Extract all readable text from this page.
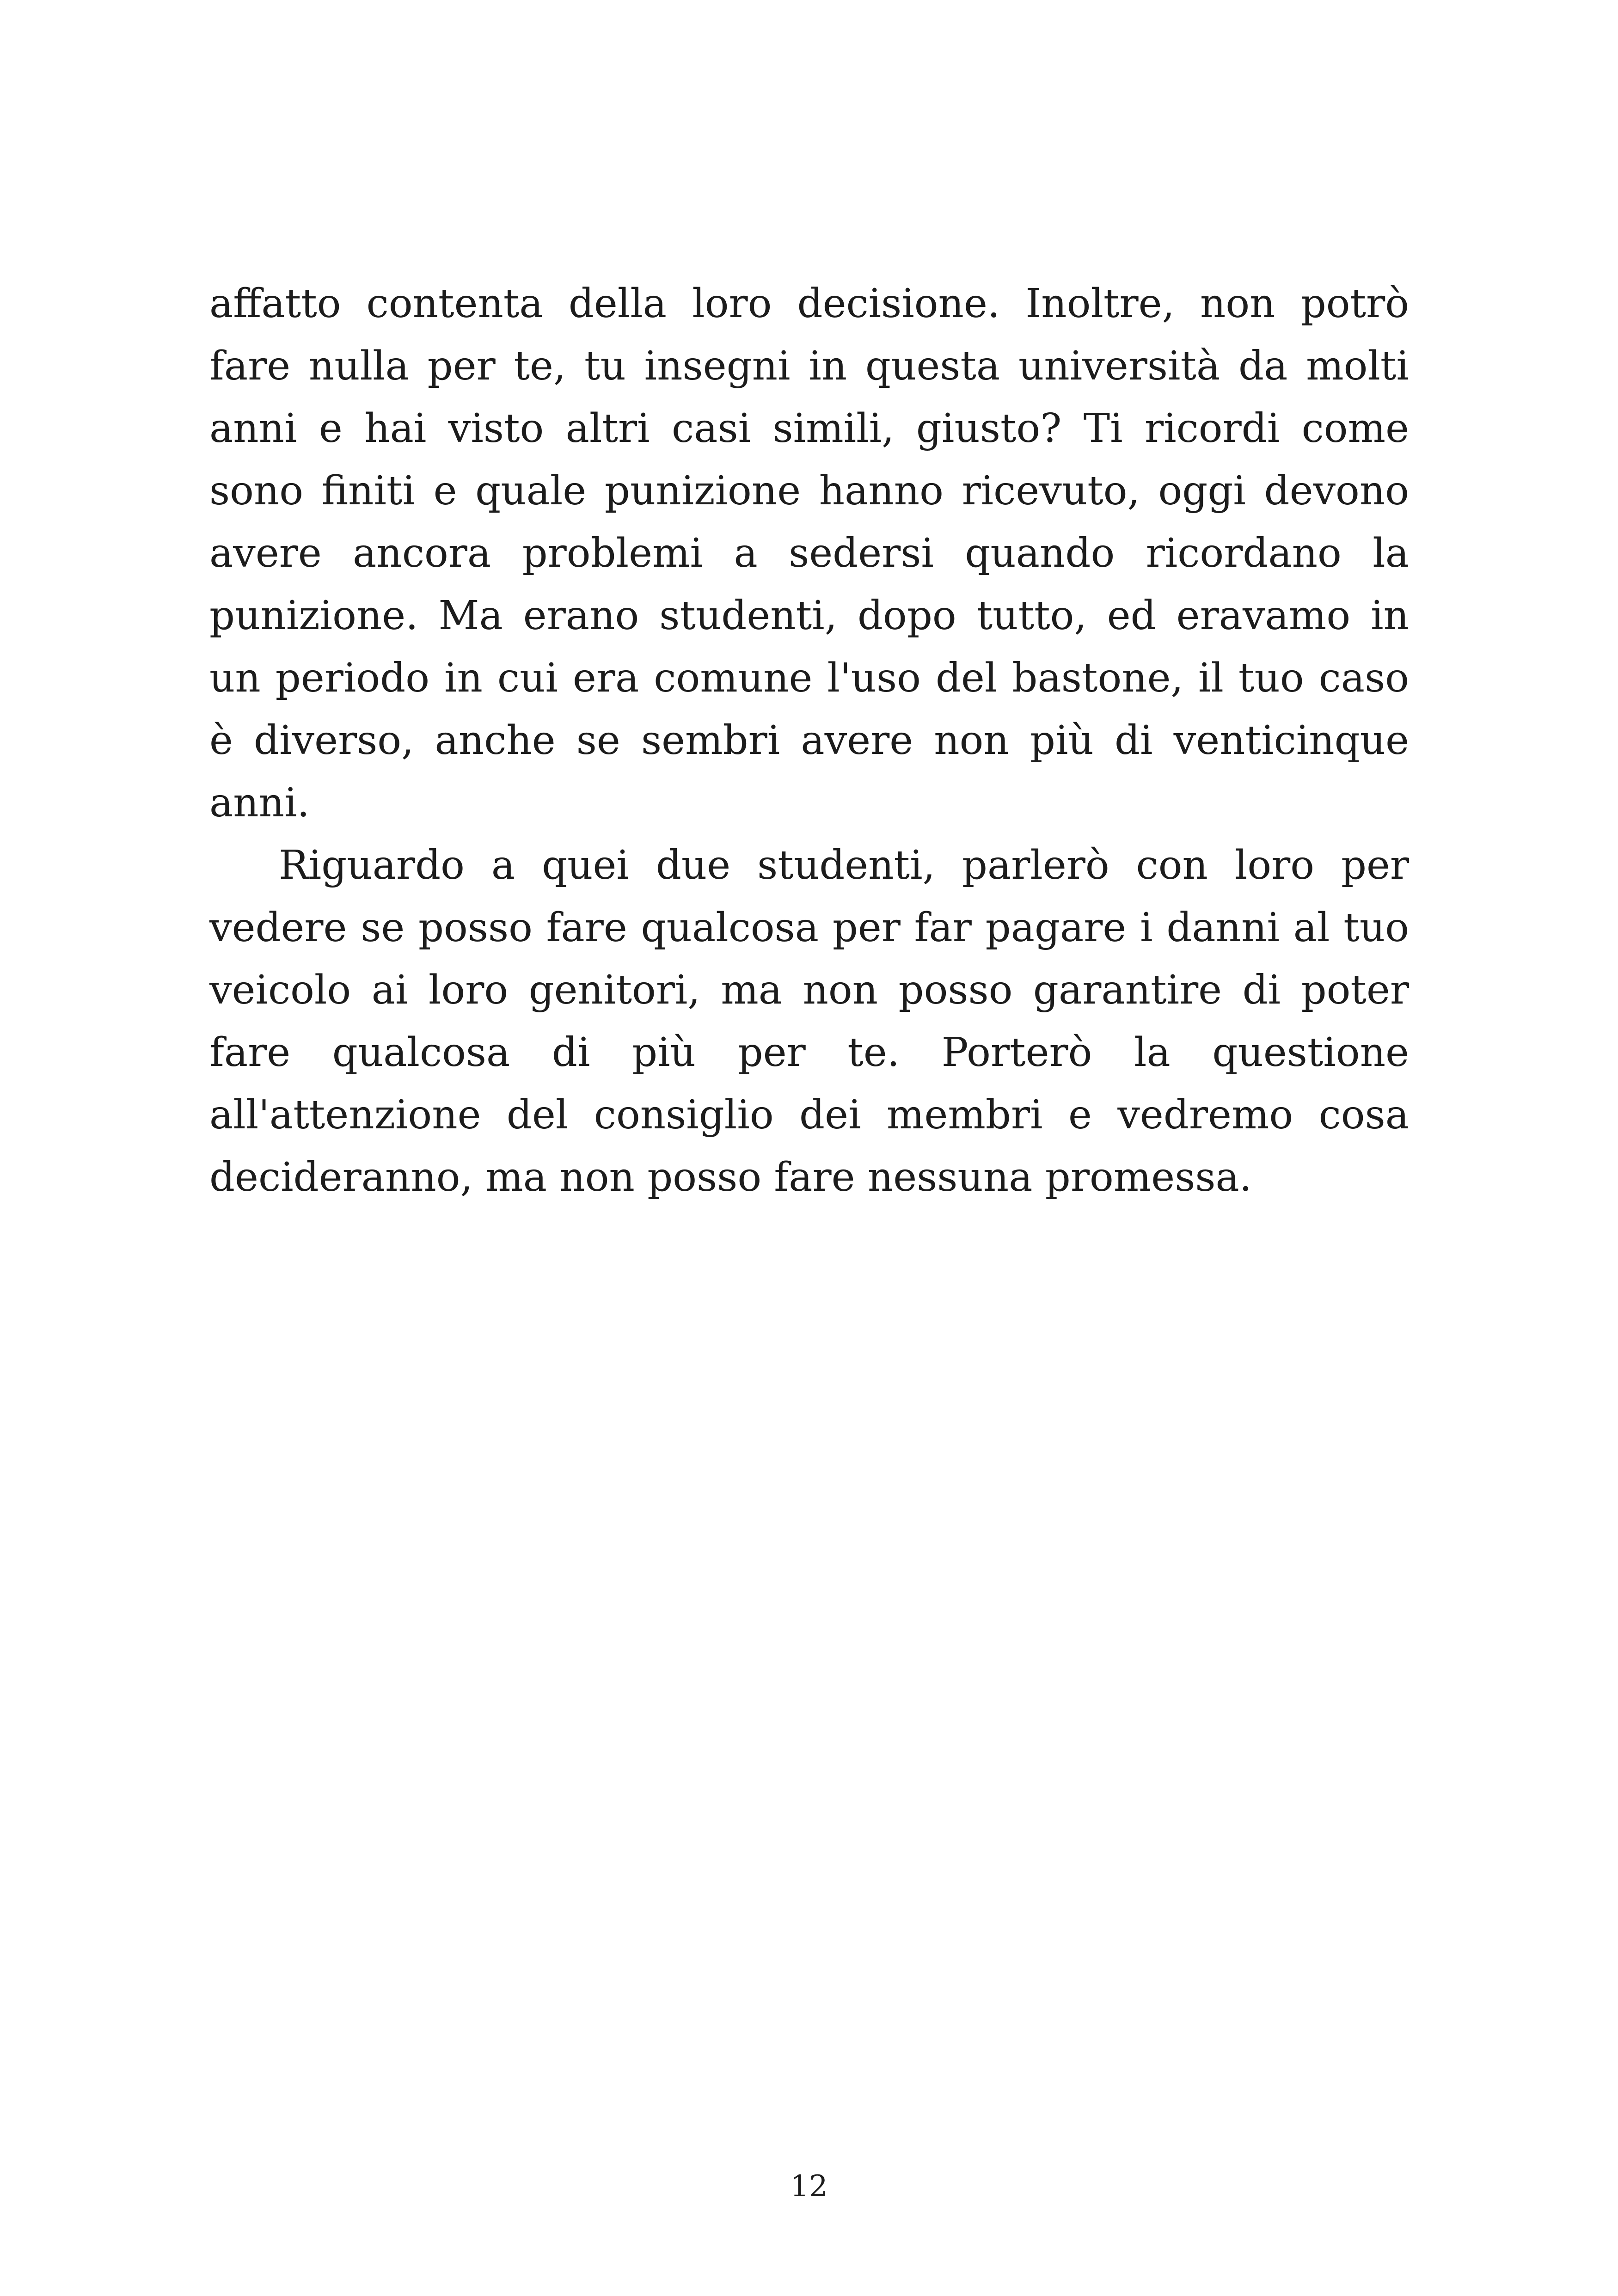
affatto contenta della loro decisione. Inoltre, non potrò fare nulla per te, tu insegni in questa università da molti anni e hai visto altri casi simili, giusto? Ti ricordi come sono finiti e quale punizione hanno ricevuto, oggi devono avere ancora problemi a sedersi quando ricordano la punizione. Ma erano studenti, dopo tutto, ed eravamo in un periodo in cui era comune l'uso del bastone, il tuo caso è diverso, anche se sembri avere non più di venticinque anni.

Riguardo a quei due studenti, parlerò con loro per vedere se posso fare qualcosa per far pagare i danni al tuo veicolo ai loro genitori, ma non posso garantire di poter fare qualcosa di più per te. Porterò la questione all'attenzione del consiglio dei membri e vedremo cosa decideranno, ma non posso fare nessuna promessa.

12
